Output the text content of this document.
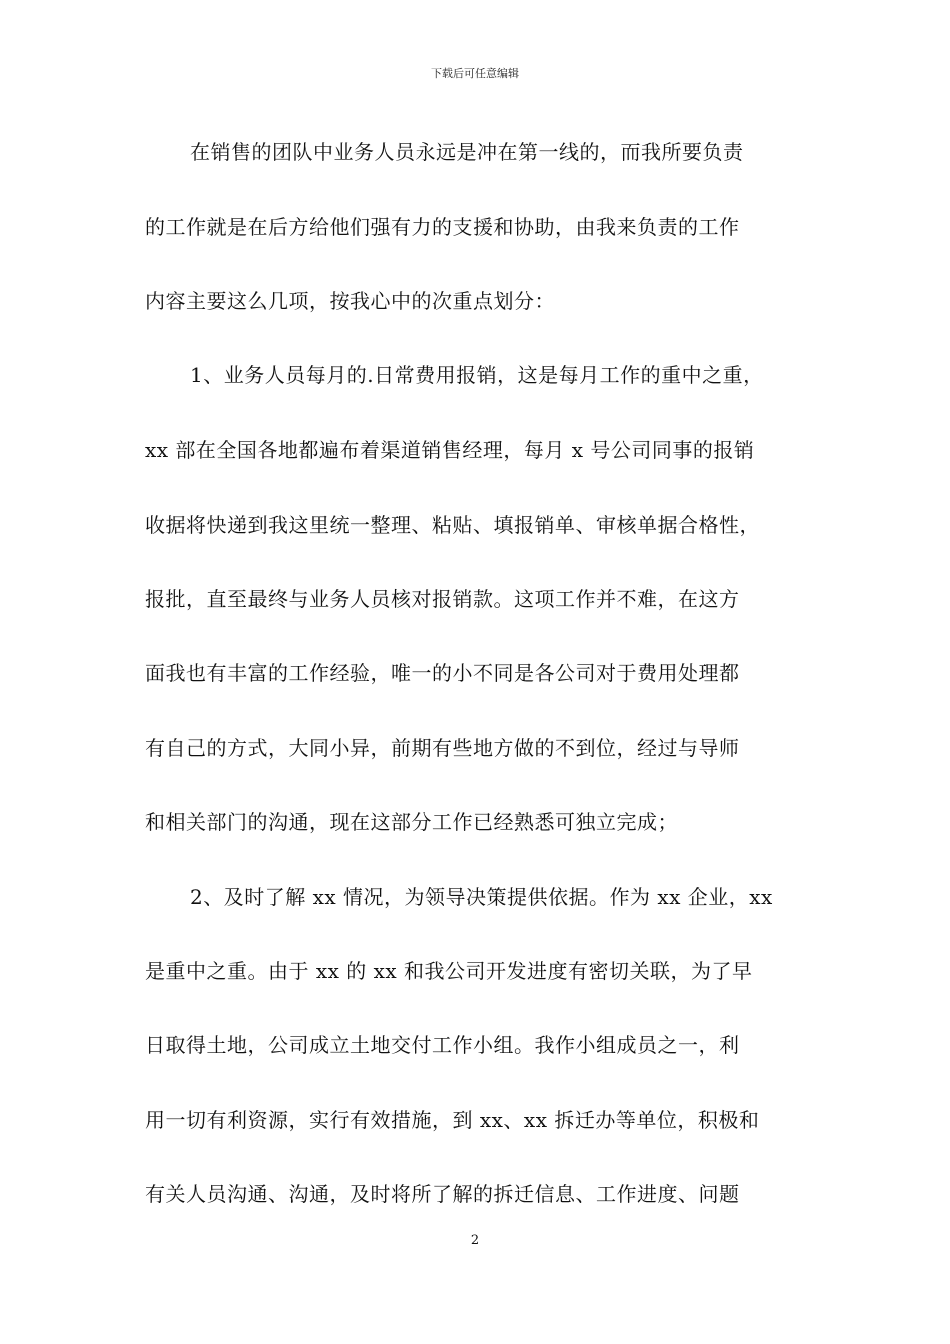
下载后可任意编辑
在销售的团队中业务人员永远是冲在第一线的，而我所要负责
的工作就是在后方给他们强有力的支援和协助，由我来负责的工作
内容主要这么几项，按我心中的次重点划分：
1、业务人员每月的.日常费用报销，这是每月工作的重中之重，
xx 部在全国各地都遍布着渠道销售经理，每月 x 号公司同事的报销
收据将快递到我这里统一整理、粘贴、填报销单、审核单据合格性，
报批，直至最终与业务人员核对报销款。这项工作并不难，在这方
面我也有丰富的工作经验，唯一的小不同是各公司对于费用处理都
有自己的方式，大同小异，前期有些地方做的不到位，经过与导师
和相关部门的沟通，现在这部分工作已经熟悉可独立完成；
2、及时了解 xx 情况，为领导决策提供依据。作为 xx 企业，xx
是重中之重。由于 xx 的 xx 和我公司开发进度有密切关联，为了早
日取得土地，公司成立土地交付工作小组。我作小组成员之一，利
用一切有利资源，实行有效措施，到 xx、xx 拆迁办等单位，积极和
有关人员沟通、沟通，及时将所了解的拆迁信息、工作进度、问题
2
